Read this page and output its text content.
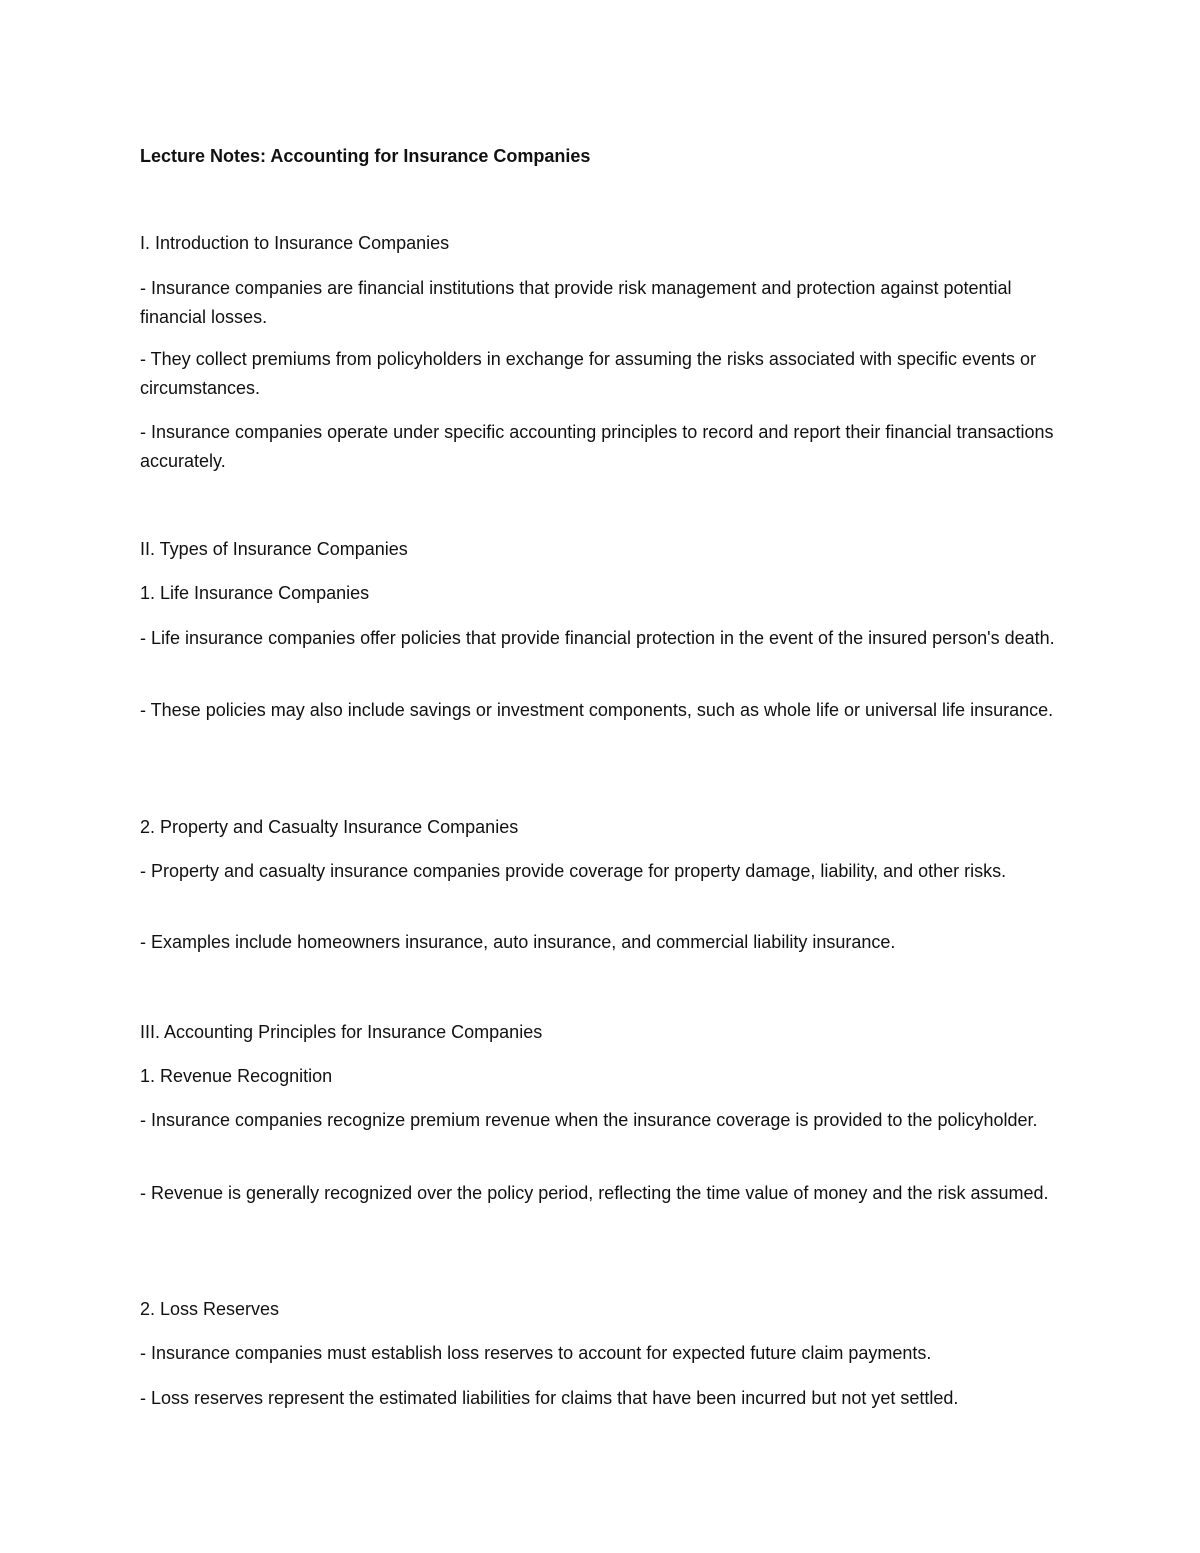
Lecture Notes: Accounting for Insurance Companies
I. Introduction to Insurance Companies
- Insurance companies are financial institutions that provide risk management and protection against potential financial losses.
- They collect premiums from policyholders in exchange for assuming the risks associated with specific events or circumstances.
- Insurance companies operate under specific accounting principles to record and report their financial transactions accurately.
II. Types of Insurance Companies
1. Life Insurance Companies
- Life insurance companies offer policies that provide financial protection in the event of the insured person's death.
- These policies may also include savings or investment components, such as whole life or universal life insurance.
2. Property and Casualty Insurance Companies
- Property and casualty insurance companies provide coverage for property damage, liability, and other risks.
- Examples include homeowners insurance, auto insurance, and commercial liability insurance.
III. Accounting Principles for Insurance Companies
1. Revenue Recognition
- Insurance companies recognize premium revenue when the insurance coverage is provided to the policyholder.
- Revenue is generally recognized over the policy period, reflecting the time value of money and the risk assumed.
2. Loss Reserves
- Insurance companies must establish loss reserves to account for expected future claim payments.
- Loss reserves represent the estimated liabilities for claims that have been incurred but not yet settled.
